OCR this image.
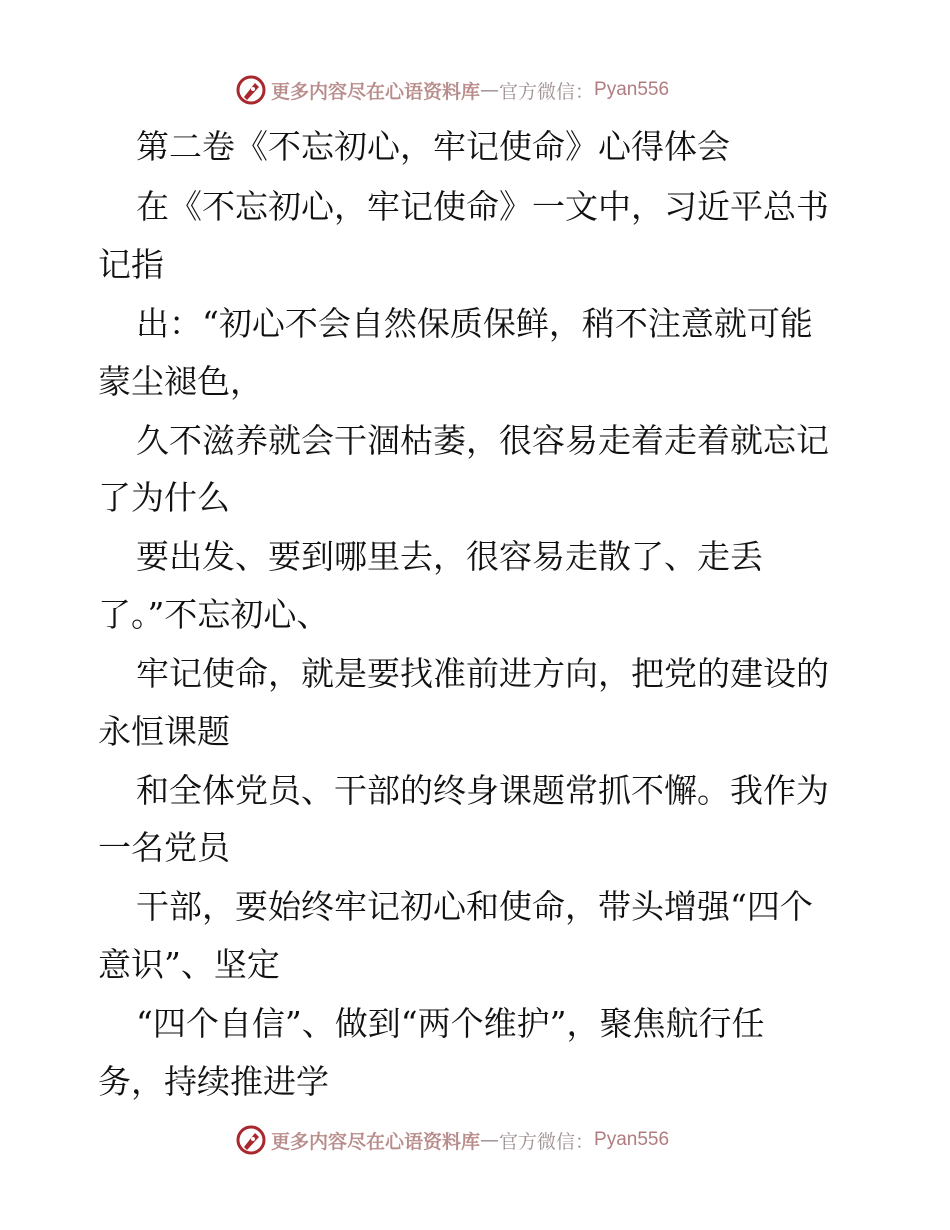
更多内容尽在心语资料库 — 官方微信： Pyan556
第二卷《不忘初心，牢记使命》心得体会
在《不忘初心，牢记使命》一文中，习近平总书
记指
出：“初心不会自然保质保鲜，稍不注意就可能
蒙尘褪色，
久不滋养就会干涸枯萎，很容易走着走着就忘记
了为什么
要出发、要到哪里去，很容易走散了、走丢
了。”不忘初心、
牢记使命，就是要找准前进方向，把党的建设的
永恒课题
和全体党员、干部的终身课题常抓不懈。我作为
一名党员
干部，要始终牢记初心和使命，带头增强“四个
意识”、坚定
“四个自信”、做到“两个维护”，聚焦航行任
务，持续推进学
更多内容尽在心语资料库 — 官方微信： Pyan556
